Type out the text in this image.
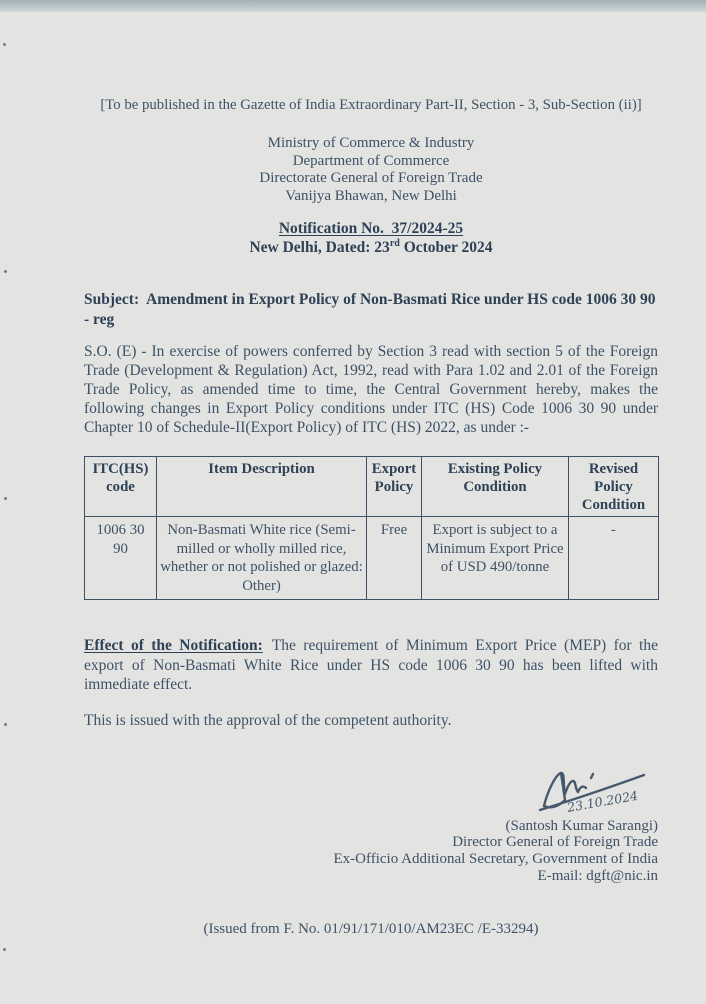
[To be published in the Gazette of India Extraordinary Part-II, Section - 3, Sub-Section (ii)]
Ministry of Commerce & Industry
Department of Commerce
Directorate General of Foreign Trade
Vanijya Bhawan, New Delhi
Notification No.  37/2024-25
New Delhi, Dated: 23rd October 2024
Subject:  Amendment in Export Policy of Non-Basmati Rice under HS code 1006 30 90 - reg
S.O. (E) - In exercise of powers conferred by Section 3 read with section 5 of the Foreign Trade (Development & Regulation) Act, 1992, read with Para 1.02 and 2.01 of the Foreign Trade Policy, as amended time to time, the Central Government hereby, makes the following changes in Export Policy conditions under ITC (HS) Code 1006 30 90 under Chapter 10 of Schedule-II(Export Policy) of ITC (HS) 2022, as under :-
ITC(HS) code	Item Description	Export Policy	Existing Policy Condition	Revised Policy Condition
1006 30 90	Non-Basmati White rice (Semi-milled or wholly milled rice, whether or not polished or glazed: Other)	Free	Export is subject to a Minimum Export Price of USD 490/tonne	-
Effect of the Notification: The requirement of Minimum Export Price (MEP) for the export of Non-Basmati White Rice under HS code 1006 30 90 has been lifted with immediate effect.
This is issued with the approval of the competent authority.
23.10.2024
(Santosh Kumar Sarangi)
Director General of Foreign Trade
Ex-Officio Additional Secretary, Government of India
E-mail: dgft@nic.in
(Issued from F. No. 01/91/171/010/AM23EC /E-33294)
